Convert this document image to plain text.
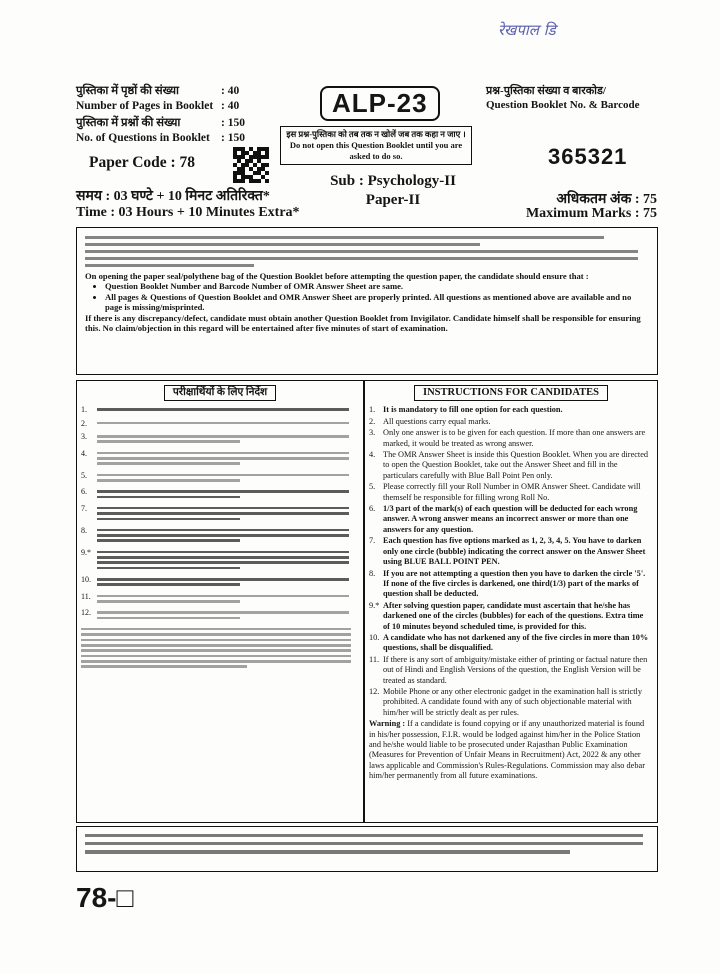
रेखपाल डि
पुस्तिका में पृष्ठों की संख्या	: 40
Number of Pages in Booklet : 40
पुस्तिका में प्रश्नों की संख्या	: 150
No. of Questions in Booklet : 150
ALP-23
इस प्रश्न-पुस्तिका को तब तक न खोलें जब तक कहा न जाए । Do not open this Question Booklet until you are asked to do so.
प्रश्न-पुस्तिका संख्या व बारकोड/
Question Booklet No. & Barcode
365321
Paper Code : 78
Sub : Psychology-II
Paper-II
समय : 03 घण्टे + 10 मिनट अतिरिक्त*
Time : 03 Hours + 10 Minutes Extra*
अधिकतम अंक : 75
Maximum Marks : 75

On opening the paper seal/polythene bag of the Question Booklet before attempting the question paper, the candidate should ensure that :

• Question Booklet Number and Barcode Number of OMR Answer Sheet are same.
• All pages & Questions of Question Booklet and OMR Answer Sheet are properly printed. All questions as mentioned above are available and no page is missing/misprinted.

If there is any discrepancy/defect, candidate must obtain another Question Booklet from Invigilator. Candidate himself shall be responsible for ensuring this. No claim/objection in this regard will be entertained after five minutes of start of examination.

परीक्षार्थियों के लिए निर्देश
1.
2.
3.
4.
5.
6.
7.
8.
9.*
10.
11.
12.
INSTRUCTIONS FOR CANDIDATES
1. It is mandatory to fill one option for each question.
2. All questions carry equal marks.
3. Only one answer is to be given for each question. If more than one answers are marked, it would be treated as wrong answer.
4. The OMR Answer Sheet is inside this Question Booklet. When you are directed to open the Question Booklet, take out the Answer Sheet and fill in the particulars carefully with Blue Ball Point Pen only.
5. Please correctly fill your Roll Number in OMR Answer Sheet. Candidate will themself be responsible for filling wrong Roll No.
6. 1/3 part of the mark(s) of each question will be deducted for each wrong answer. A wrong answer means an incorrect answer or more than one answers for any question.
7. Each question has five options marked as 1, 2, 3, 4, 5. You have to darken only one circle (bubble) indicating the correct answer on the Answer Sheet using BLUE BALL POINT PEN.
8. If you are not attempting a question then you have to darken the circle '5'. If none of the five circles is darkened, one third(1/3) part of the marks of question shall be deducted.
9.* After solving question paper, candidate must ascertain that he/she has darkened one of the circles (bubbles) for each of the questions. Extra time of 10 minutes beyond scheduled time, is provided for this.
10. A candidate who has not darkened any of the five circles in more than 10% questions, shall be disqualified.
11. If there is any sort of ambiguity/mistake either of printing or factual nature then out of Hindi and English Versions of the question, the English Version will be treated as standard.
12. Mobile Phone or any other electronic gadget in the examination hall is strictly prohibited. A candidate found with any of such objectionable material with him/her will be strictly dealt as per rules.
Warning : If a candidate is found copying or if any unauthorized material is found in his/her possession, F.I.R. would be lodged against him/her in the Police Station and he/she would liable to be prosecuted under Rajasthan Public Examination (Measures for Prevention of Unfair Means in Recruitment) Act, 2022 & any other laws applicable and Commission's Rules-Regulations. Commission may also debar him/her permanently from all future examinations.
78-□
